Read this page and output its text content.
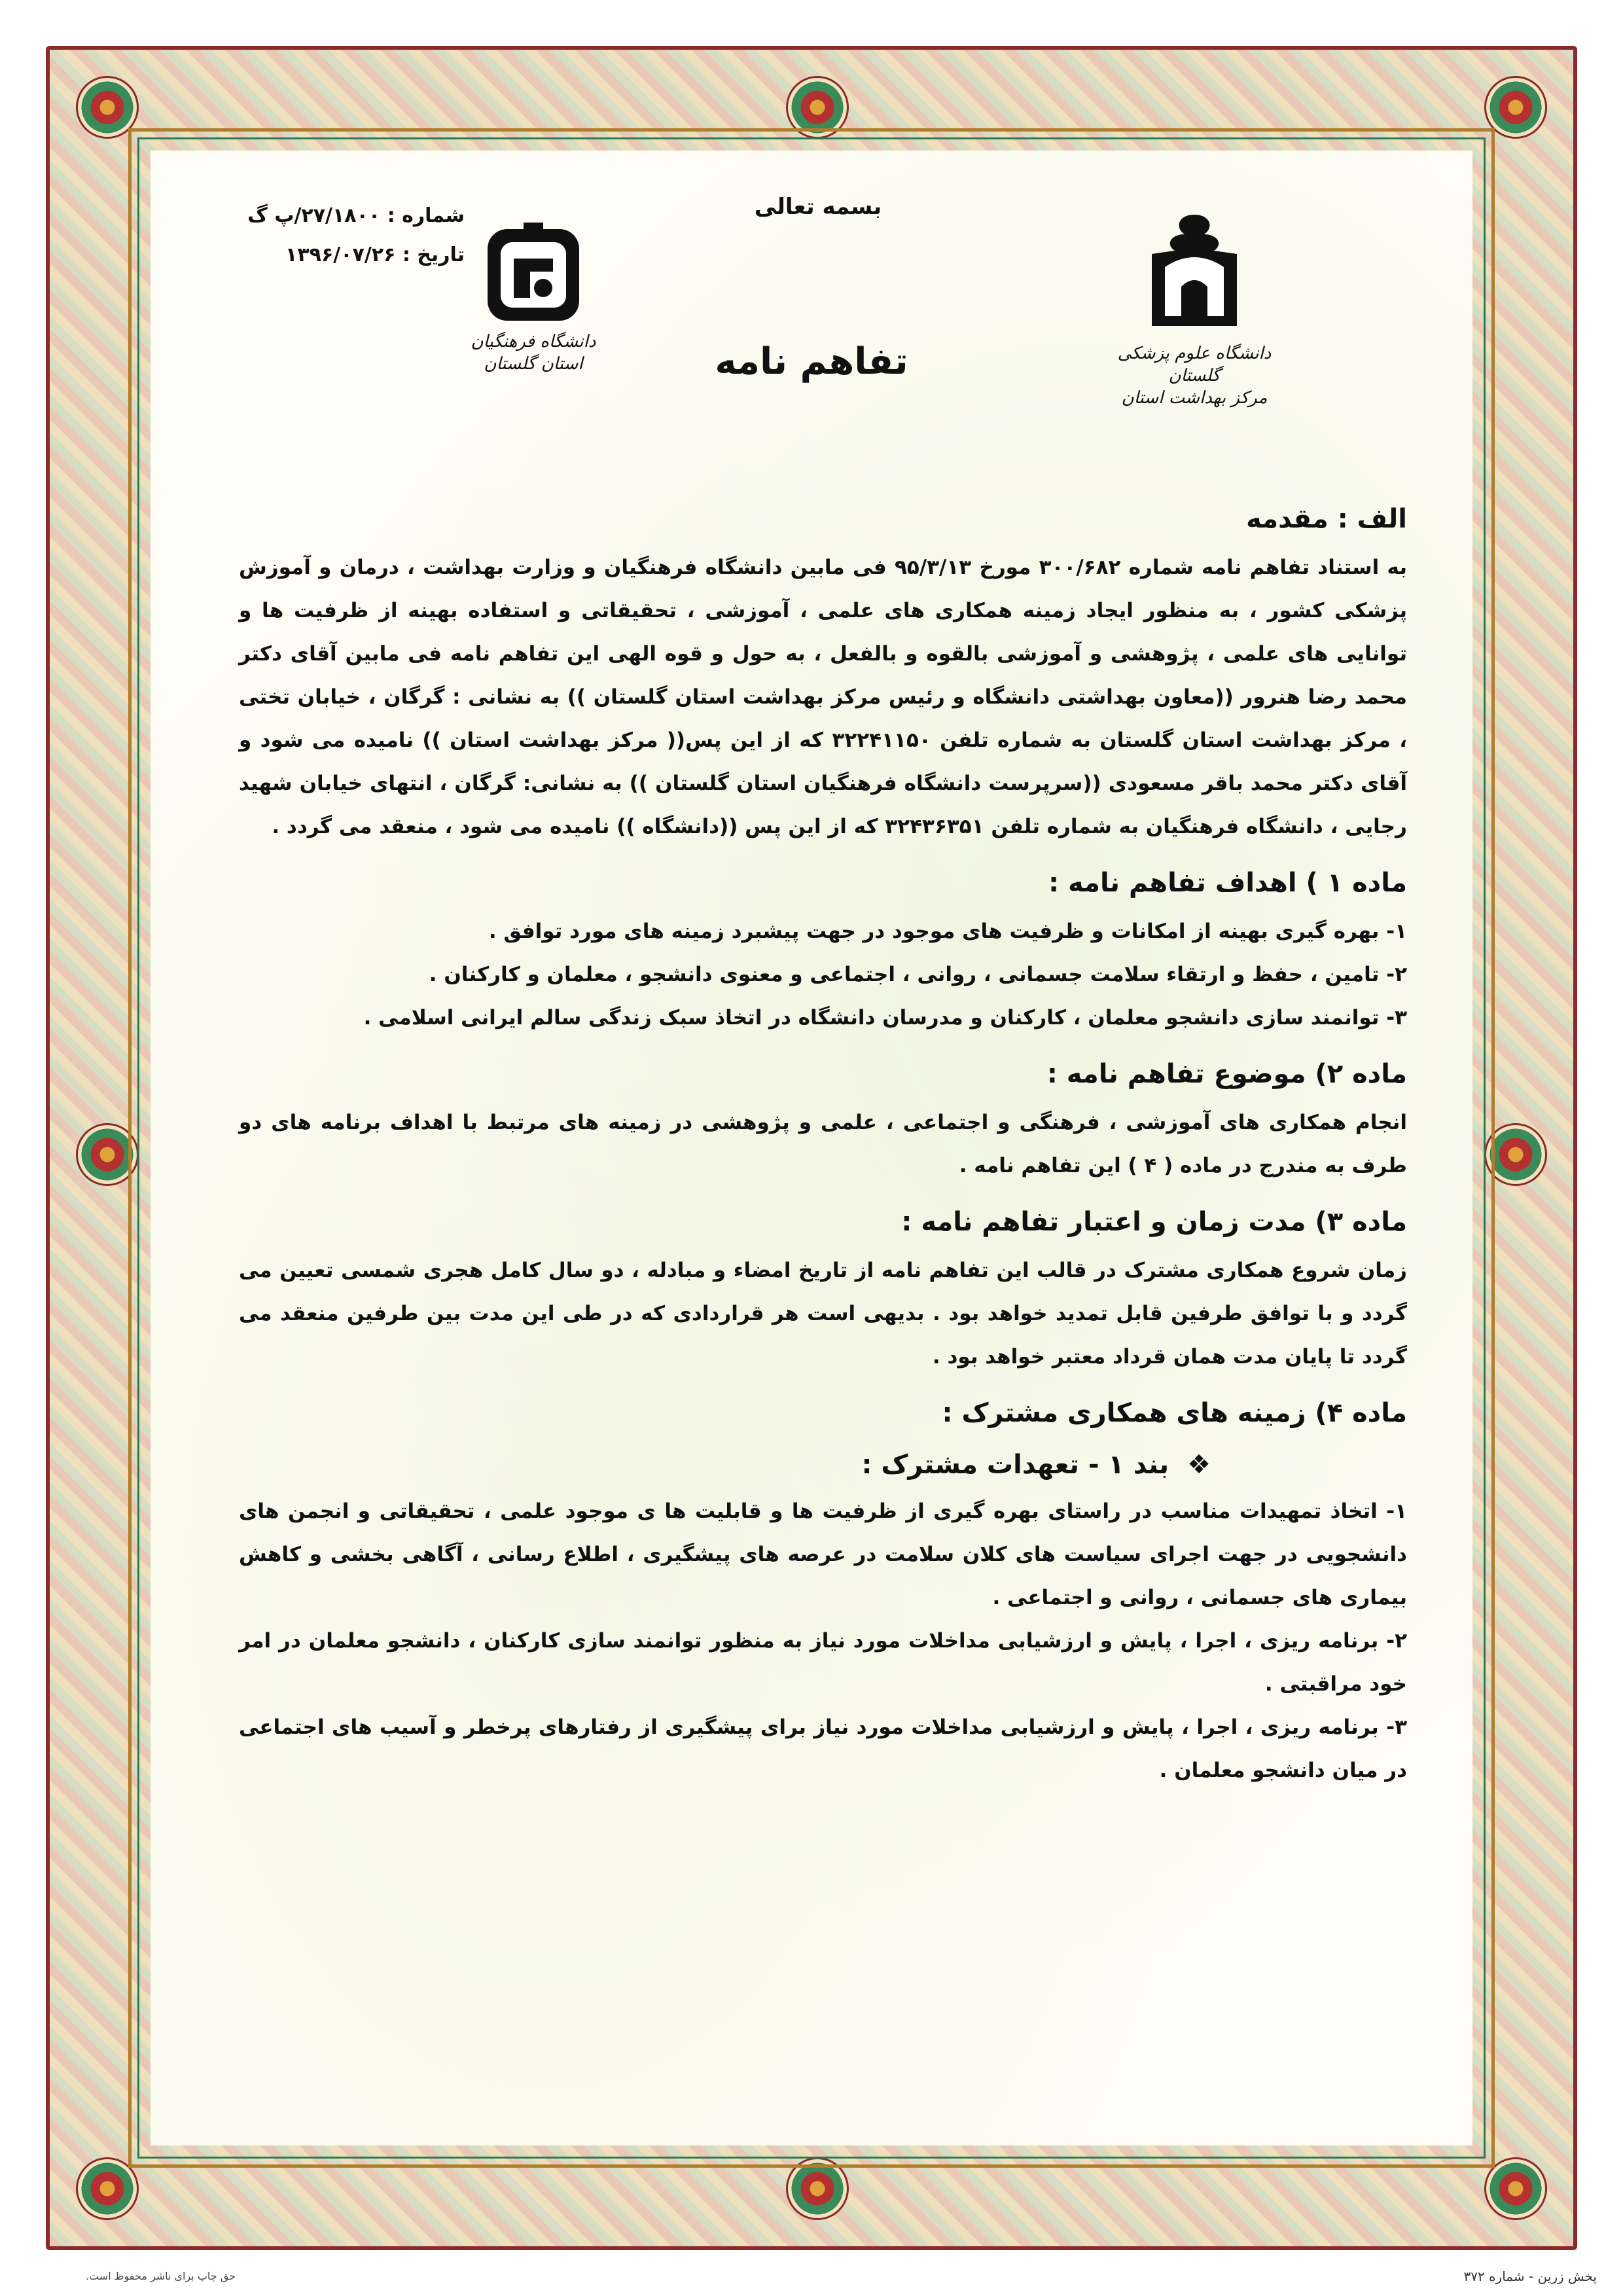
بسمه تعالی
شماره : ۲۷/۱۸۰۰/پ گ
تاریخ : ۱۳۹۶/۰۷/۲۶
دانشگاه علوم پزشکی گلستان
مرکز بهداشت استان
دانشگاه فرهنگیان
استان گلستان	تفاهم نامه
الف : مقدمه

به استناد تفاهم نامه شماره ۳۰۰/۶۸۲ مورخ ۹۵/۳/۱۳ فی مابین دانشگاه فرهنگیان و وزارت بهداشت ، درمان و آموزش پزشکی کشور ، به منظور ایجاد زمینه همکاری های علمی ، آموزشی ، تحقیقاتی و استفاده بهینه از ظرفیت ها و توانایی های علمی ، پژوهشی و آموزشی بالقوه و بالفعل ، به حول و قوه الهی این تفاهم نامه فی مابین آقای دکتر محمد رضا هنرور ((معاون بهداشتی دانشگاه و رئیس مرکز بهداشت استان گلستان )) به نشانی : گرگان ، خیابان تختی ، مرکز بهداشت استان گلستان به شماره تلفن ۳۲۲۴۱۱۵۰ که از این پس(( مرکز بهداشت استان )) نامیده می شود و آقای دکتر محمد باقر مسعودی ((سرپرست دانشگاه فرهنگیان استان گلستان )) به نشانی: گرگان ، انتهای خیابان شهید رجایی ، دانشگاه فرهنگیان به شماره تلفن ۳۲۴۳۶۳۵۱ که از این پس ((دانشگاه )) نامیده می شود ، منعقد می گردد .

ماده ۱ ) اهداف تفاهم نامه :

۱- بهره گیری بهینه از امکانات و ظرفیت های موجود در جهت پیشبرد زمینه های مورد توافق .

۲- تامین ، حفظ و ارتقاء سلامت جسمانی ، روانی ، اجتماعی و معنوی دانشجو ، معلمان و کارکنان .

۳- توانمند سازی دانشجو معلمان ، کارکنان و مدرسان دانشگاه در اتخاذ سبک زندگی سالم ایرانی اسلامی .

ماده ۲) موضوع تفاهم نامه :

انجام همکاری های آموزشی ، فرهنگی و اجتماعی ، علمی و پژوهشی در زمینه های مرتبط با اهداف برنامه های دو طرف به مندرج در ماده ( ۴ ) این تفاهم نامه .

ماده ۳) مدت زمان و اعتبار تفاهم نامه :

زمان شروع همکاری مشترک در قالب این تفاهم نامه از تاریخ امضاء و مبادله ، دو سال کامل هجری شمسی تعیین می گردد و با توافق طرفین قابل تمدید خواهد بود . بدیهی است هر قراردادی که در طی این مدت بین طرفین منعقد می گردد تا پایان مدت همان قرداد معتبر خواهد بود .

ماده ۴) زمینه های همکاری مشترک :
❖ بند ۱ - تعهدات مشترک :

۱- اتخاذ تمهیدات مناسب در راستای بهره گیری از ظرفیت ها و قابلیت ها ی موجود علمی ، تحقیقاتی و انجمن های دانشجویی در جهت اجرای سیاست های کلان سلامت در عرصه های پیشگیری ، اطلاع رسانی ، آگاهی بخشی و کاهش بیماری های جسمانی ، روانی و اجتماعی .

۲- برنامه ریزی ، اجرا ، پایش و ارزشیابی مداخلات مورد نیاز به منظور توانمند سازی کارکنان ، دانشجو معلمان در امر خود مراقبتی .

۳- برنامه ریزی ، اجرا ، پایش و ارزشیابی مداخلات مورد نیاز برای پیشگیری از رفتارهای پرخطر و آسیب های اجتماعی در میان دانشجو معلمان .

پخش زرین - شماره ۳۷۲
حق چاپ برای ناشر محفوظ است.
